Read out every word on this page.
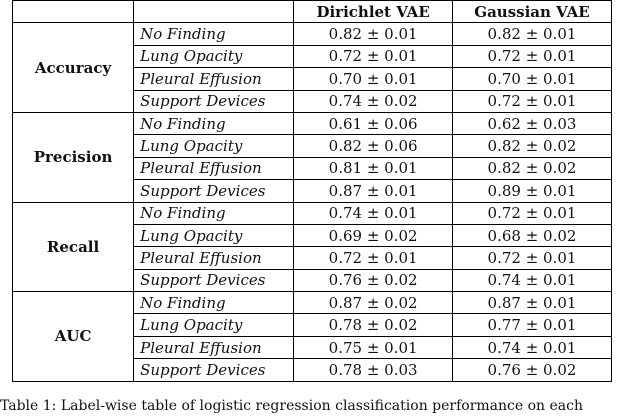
		Dirichlet VAE	Gaussian VAE
Accuracy	No Finding	0.82 ± 0.01	0.82 ± 0.01
	Lung Opacity	0.72 ± 0.01	0.72 ± 0.01
	Pleural Effusion	0.70 ± 0.01	0.70 ± 0.01
	Support Devices	0.74 ± 0.02	0.72 ± 0.01
Precision	No Finding	0.61 ± 0.06	0.62 ± 0.03
	Lung Opacity	0.82 ± 0.06	0.82 ± 0.02
	Pleural Effusion	0.81 ± 0.01	0.82 ± 0.02
	Support Devices	0.87 ± 0.01	0.89 ± 0.01
Recall	No Finding	0.74 ± 0.01	0.72 ± 0.01
	Lung Opacity	0.69 ± 0.02	0.68 ± 0.02
	Pleural Effusion	0.72 ± 0.01	0.72 ± 0.01
	Support Devices	0.76 ± 0.02	0.74 ± 0.01
AUC	No Finding	0.87 ± 0.02	0.87 ± 0.01
	Lung Opacity	0.78 ± 0.02	0.77 ± 0.01
	Pleural Effusion	0.75 ± 0.01	0.74 ± 0.01
	Support Devices	0.78 ± 0.03	0.76 ± 0.02
Table 1: Label-wise table of logistic regression classification performance on each
